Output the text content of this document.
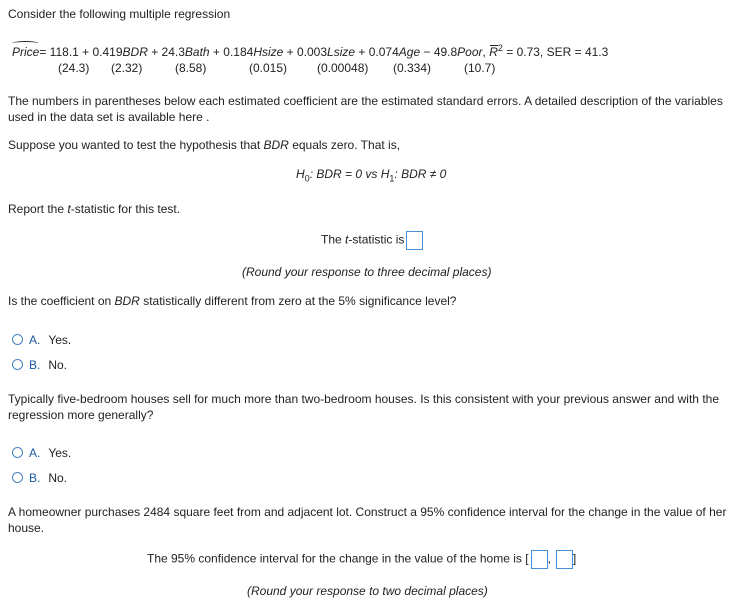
Consider the following multiple regression
Price= 118.1 + 0.419BDR + 24.3Bath + 0.184Hsize + 0.003Lsize + 0.074Age − 49.8Poor, $R^2 = 0.73$, SER = 41.3
(24.3) (2.32)	(8.58)	(0.015) (0.00048) (0.334)	(10.7)
The numbers in parentheses below each estimated coefficient are the estimated standard errors. A detailed description of the variables used in the data set is available here .
Suppose you wanted to test the hypothesis that BDR equals zero. That is,
$H_0$: BDR = 0 vs $H_1$: BDR ≠ 0
Report the t-statistic for this test.
The t-statistic is
(Round your response to three decimal places)
Is the coefficient on BDR statistically different from zero at the 5% significance level?
A. Yes.
B. No.
Typically five-bedroom houses sell for much more than two-bedroom houses. Is this consistent with your previous answer and with the regression more generally?
A. Yes.
B. No.
A homeowner purchases 2484 square feet from and adjacent lot. Construct a 95% confidence interval for the change in the value of her house.
The 95% confidence interval for the change in the value of the home is [ , ]
(Round your response to two decimal places)
